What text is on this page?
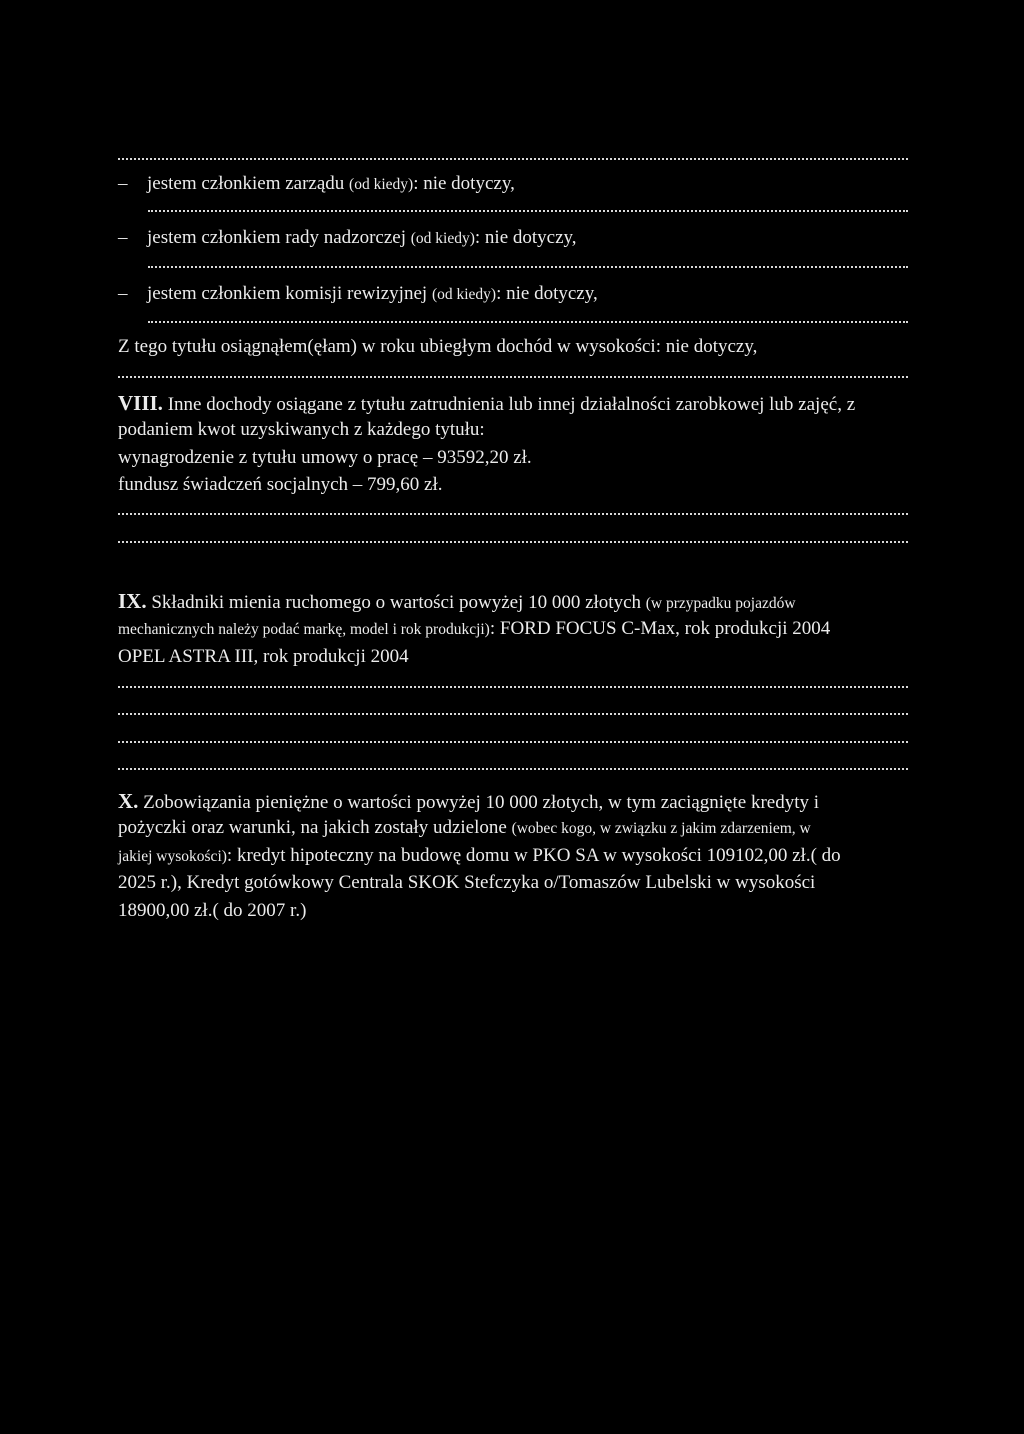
– jestem członkiem zarządu (od kiedy): nie dotyczy,
– jestem członkiem rady nadzorczej (od kiedy): nie dotyczy,
– jestem członkiem komisji rewizyjnej (od kiedy): nie dotyczy,
Z tego tytułu osiągnąłem(ęłam) w roku ubiegłym dochód w wysokości: nie dotyczy,
VIII. Inne dochody osiągane z tytułu zatrudnienia lub innej działalności zarobkowej lub zajęć, z
podaniem kwot uzyskiwanych z każdego tytułu:
wynagrodzenie z tytułu umowy o pracę – 93592,20 zł.
fundusz świadczeń socjalnych – 799,60 zł.
IX. Składniki mienia ruchomego o wartości powyżej 10 000 złotych (w przypadku pojazdów
mechanicznych należy podać markę, model i rok produkcji): FORD FOCUS C-Max, rok produkcji 2004
OPEL ASTRA III, rok produkcji 2004
X. Zobowiązania pieniężne o wartości powyżej 10 000 złotych, w tym zaciągnięte kredyty i
pożyczki oraz warunki, na jakich zostały udzielone (wobec kogo, w związku z jakim zdarzeniem, w
jakiej wysokości): kredyt hipoteczny na budowę domu w PKO SA w wysokości 109102,00 zł.( do
2025 r.), Kredyt gotówkowy Centrala SKOK Stefczyka o/Tomaszów Lubelski w wysokości
18900,00 zł.( do 2007 r.)
